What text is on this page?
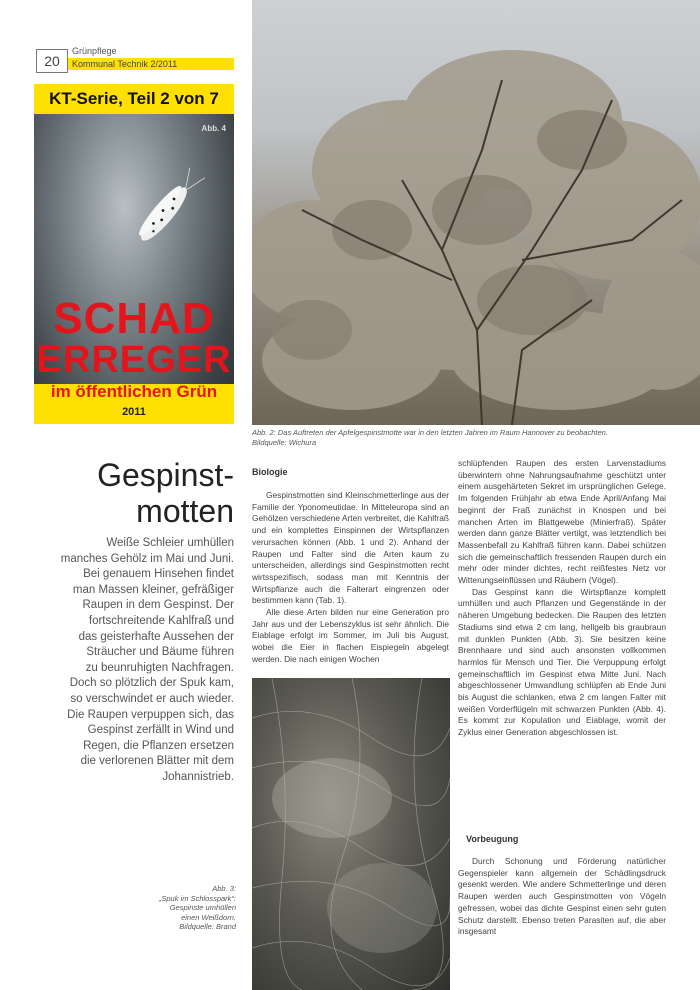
20
Grünpflege
Kommunal Technik 2/2011
KT-Serie, Teil 2 von 7
Abb. 4
SCHAD
ERREGER
im öffentlichen Grün
2011
Abb. 2: Das Auftreten der Apfelgespinstmotte war in den letzten Jahren im Raum Hannover zu beobachten.
Bildquelle: Wichura
Gespinst-
motten
Weiße Schleier umhüllen
manches Gehölz im Mai und Juni.
Bei genauem Hinsehen findet
man Massen kleiner, gefräßiger
Raupen in dem Gespinst. Der
fortschreitende Kahlfraß und
das geisterhafte Aussehen der
Sträucher und Bäume führen
zu beunruhigten Nachfragen.
Doch so plötzlich der Spuk kam,
so verschwindet er auch wieder.
Die Raupen verpuppen sich, das
Gespinst zerfällt in Wind und
Regen, die Pflanzen ersetzen
die verlorenen Blätter mit dem
Johannistrieb.
Abb. 3:
„Spuk im Schlosspark“:
Gespinste umhüllen
einen Weißdorn.
Bildquelle: Brand
Biologie

Gespinstmotten sind Kleinschmetterlinge aus der Familie der Yponomeutidae. In Mitteleuropa sind an Gehölzen verschiedene Arten verbreitet, die Kahlfraß und ein komplettes Einspinnen der Wirtspflanzen verursachen können (Abb. 1 und 2). Anhand der Raupen und Falter sind die Arten kaum zu unterscheiden, allerdings sind Gespinstmotten recht wirtsspezifisch, sodass man mit Kenntnis der Wirtspflanze auch die Falterart eingrenzen oder bestimmen kann (Tab. 1).

Alle diese Arten bilden nur eine Generation pro Jahr aus und der Lebenszyklus ist sehr ähnlich. Die Eiablage erfolgt im Sommer, im Juli bis August, wobei die Eier in flachen Eispiegeln abgelegt werden. Die nach einigen Wochen

schlüpfenden Raupen des ersten Larvenstadiums überwintern ohne Nahrungsaufnahme geschützt unter einem ausgehärteten Sekret im ursprünglichen Gelege. Im folgenden Frühjahr ab etwa Ende April/Anfang Mai beginnt der Fraß zunächst in Knospen und bei manchen Arten im Blattgewebe (Minierfraß). Später werden dann ganze Blätter vertilgt, was letztendlich bei Massenbefall zu Kahlfraß führen kann. Dabei schützen sich die gemeinschaftlich fressenden Raupen durch ein mehr oder minder dichtes, recht reißfestes Netz vor Witterungseinflüssen und Räubern (Vögel).

Das Gespinst kann die Wirtspflanze komplett umhüllen und auch Pflanzen und Gegenstände in der näheren Umgebung bedecken. Die Raupen des letzten Stadiums sind etwa 2 cm lang, hellgelb bis graubraun mit dunklen Punkten (Abb. 3). Sie besitzen keine Brennhaare und sind auch ansonsten vollkommen harmlos für Mensch und Tier. Die Verpuppung erfolgt gemeinschaftlich im Gespinst etwa Mitte Juni. Nach abgeschlossener Umwandlung schlüpfen ab Ende Juni bis August die schlanken, etwa 2 cm langen Falter mit weißen Vorderflügeln mit schwarzen Punkten (Abb. 4). Es kommt zur Kopulation und Eiablage, womit der Zyklus einer Generation abgeschlossen ist.

Vorbeugung

Durch Schonung und Förderung natürlicher Gegenspieler kann allgemein der Schädlingsdruck gesenkt werden. Wie andere Schmetterlinge und deren Raupen werden auch Gespinstmotten von Vögeln gefressen, wobei das dichte Gespinst einen sehr guten Schutz darstellt. Ebenso treten Parasiten auf, die aber insgesamt
